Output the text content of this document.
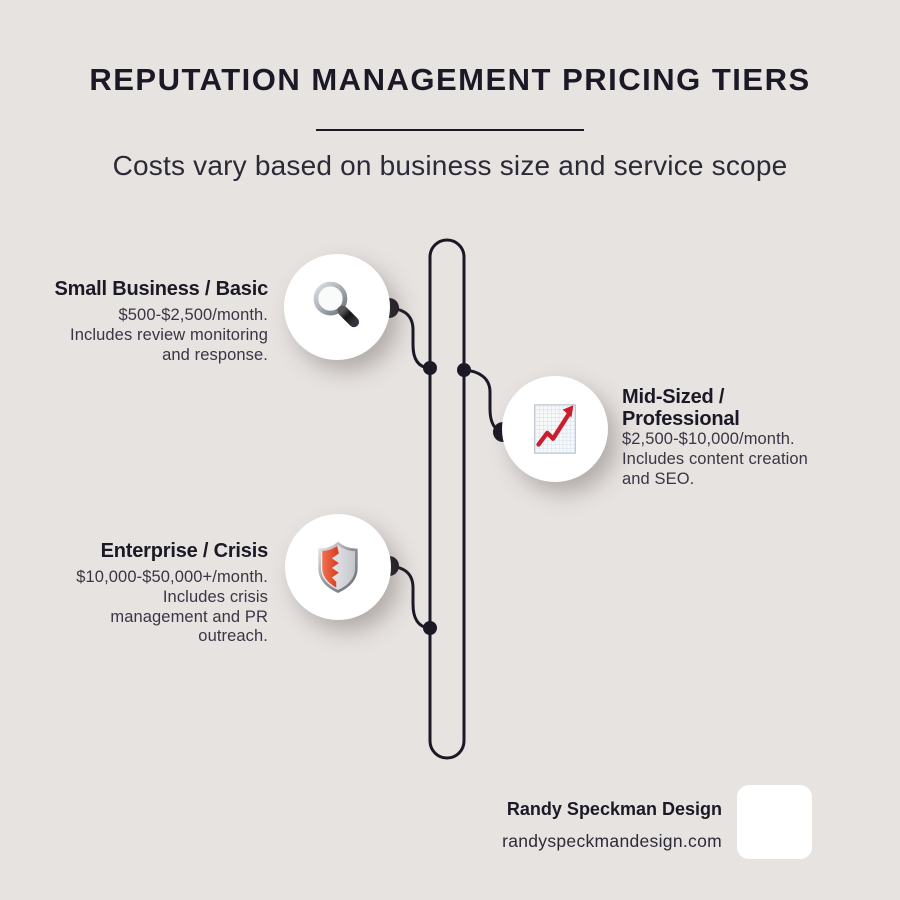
REPUTATION MANAGEMENT PRICING TIERS
Costs vary based on business size and service scope
Small Business / Basic
$500-$2,500/month. Includes review monitoring and response.
Mid-Sized / Professional
$2,500-$10,000/month. Includes content creation and SEO.
Enterprise / Crisis
$10,000-$50,000+/month. Includes crisis management and PR outreach.
Randy Speckman Design
randyspeckmandesign.com
